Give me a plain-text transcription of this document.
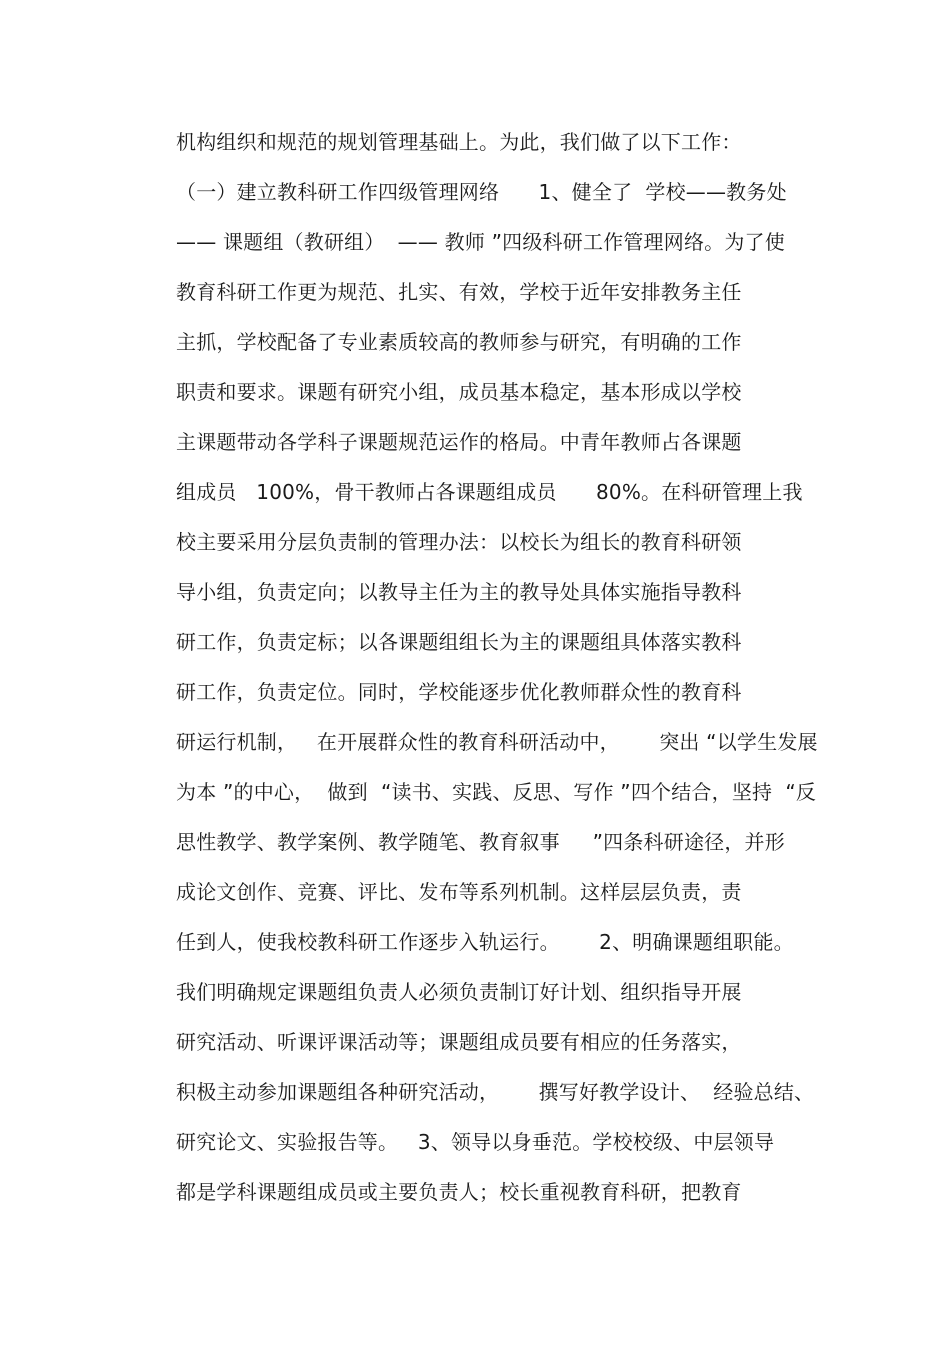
机构组织和规范的规划管理基础上。为此，我们做了以下工作：
（一）建立教科研工作四级管理网络      1、健全了  学校——教务处
—— 课题组（教研组）  —— 教师 ”四级科研工作管理网络。为了使
教育科研工作更为规范、扎实、有效，学校于近年安排教务主任
主抓，学校配备了专业素质较高的教师参与研究，有明确的工作
职责和要求。课题有研究小组，成员基本稳定，基本形成以学校
主课题带动各学科子课题规范运作的格局。中青年教师占各课题
组成员   100%，骨干教师占各课题组成员      80%。在科研管理上我
校主要采用分层负责制的管理办法：以校长为组长的教育科研领
导小组，负责定向；以教导主任为主的教导处具体实施指导教科
研工作，负责定标；以各课题组组长为主的课题组具体落实教科
研工作，负责定位。同时，学校能逐步优化教师群众性的教育科
研运行机制，   在开展群众性的教育科研活动中，      突出 “以学生发展
为本 ”的中心，  做到  “读书、实践、反思、写作 ”四个结合，坚持  “反
思性教学、教学案例、教学随笔、教育叙事     ”四条科研途径，并形
成论文创作、竞赛、评比、发布等系列机制。这样层层负责，责
任到人，使我校教科研工作逐步入轨运行。      2、明确课题组职能。
我们明确规定课题组负责人必须负责制订好计划、组织指导开展
研究活动、听课评课活动等；课题组成员要有相应的任务落实，
积极主动参加课题组各种研究活动，      撰写好教学设计、  经验总结、
研究论文、实验报告等。   3、领导以身垂范。学校校级、中层领导
都是学科课题组成员或主要负责人；校长重视教育科研，把教育
